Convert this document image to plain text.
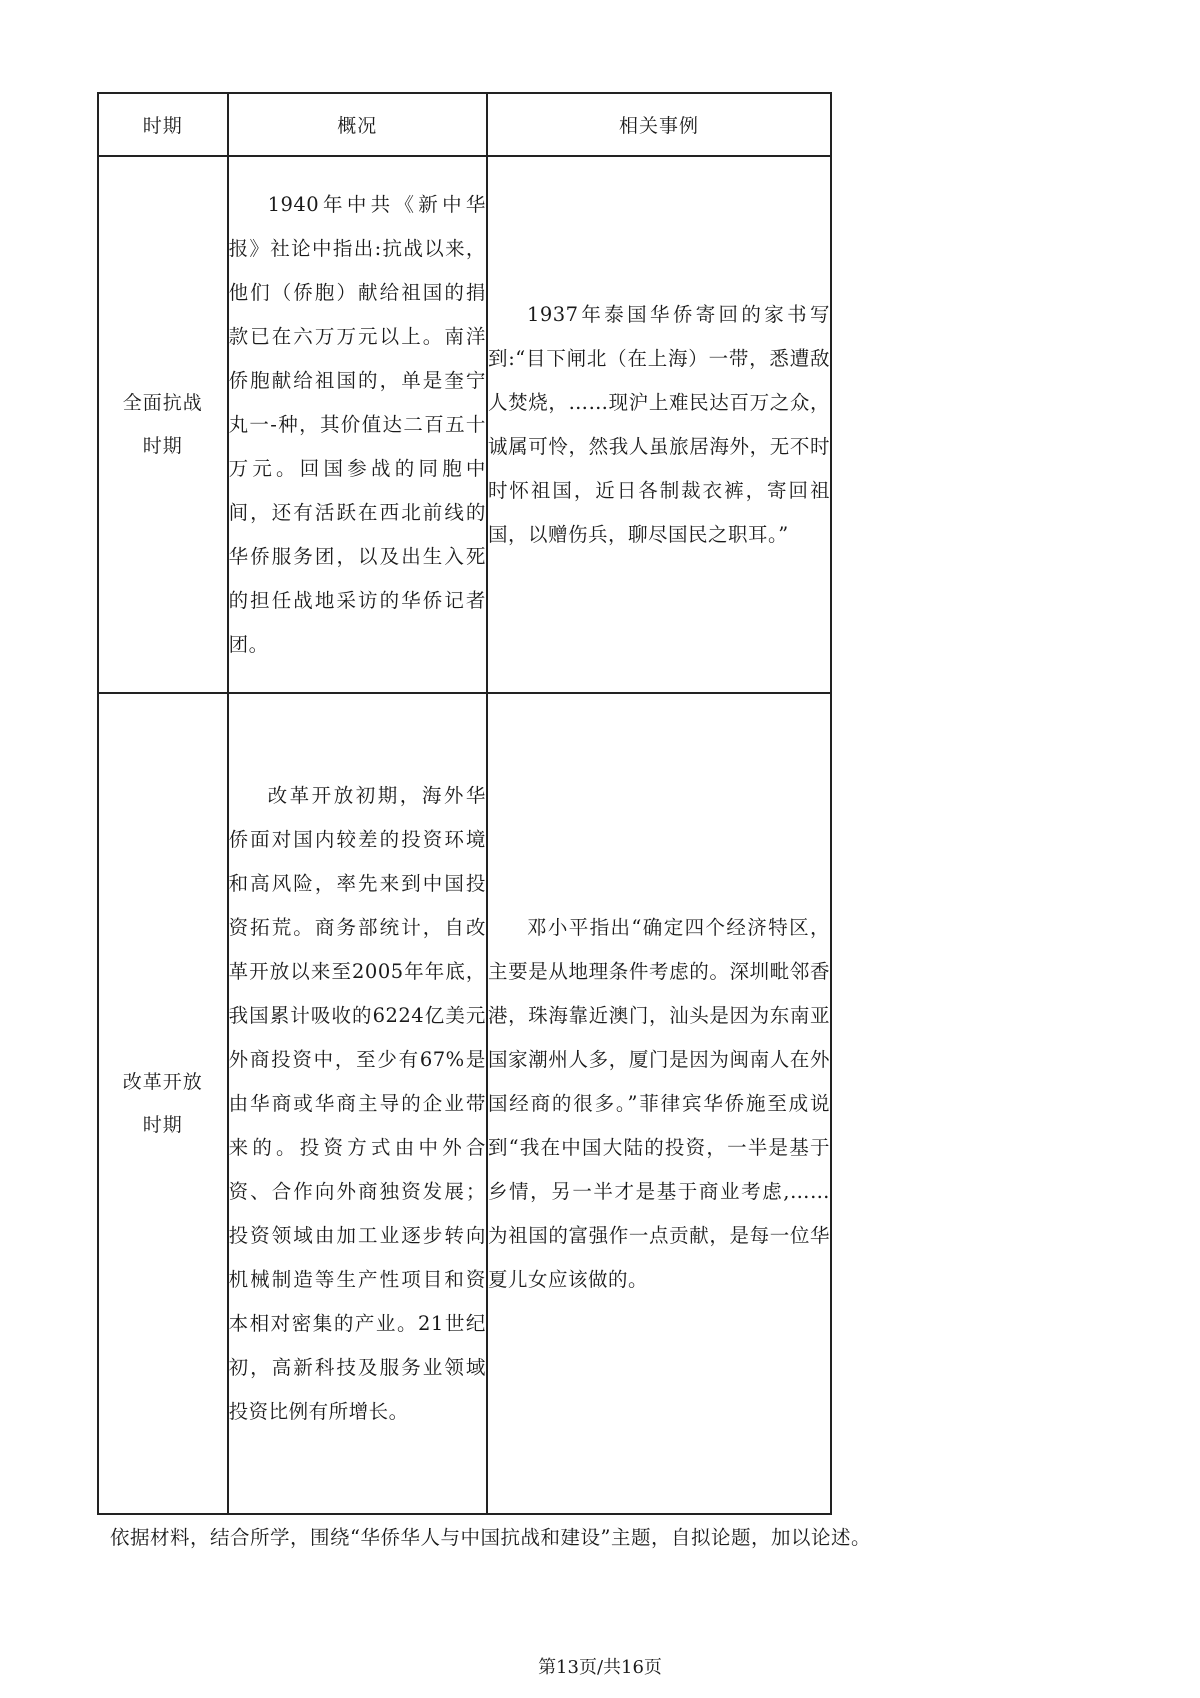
时期	概况	相关事例

全面抗战
时期	1940年中共《新中华报》社论中指出:抗战以来，他们（侨胞）献给祖国的捐款已在六万万元以上。南洋侨胞献给祖国的，单是奎宁丸一-种，其价值达二百五十万元。回国参战的同胞中间，还有活跃在西北前线的华侨服务团，以及出生入死的担任战地采访的华侨记者团。	1937年泰国华侨寄回的家书写到:“目下闸北（在上海）一带，悉遭敌人焚烧，……现沪上难民达百万之众，诚属可怜，然我人虽旅居海外，无不时时怀祖国，近日各制裁衣裤，寄回祖国，以赠伤兵，聊尽国民之职耳。”

改革开放
时期	改革开放初期，海外华侨面对国内较差的投资环境和高风险，率先来到中国投资拓荒。商务部统计，自改革开放以来至2005年年底，我国累计吸收的6224亿美元外商投资中，至少有67%是由华商或华商主导的企业带来的。投资方式由中外合资、合作向外商独资发展；投资领域由加工业逐步转向机械制造等生产性项目和资本相对密集的产业。21世纪初，高新科技及服务业领域投资比例有所增长。	邓小平指出“确定四个经济特区，主要是从地理条件考虑的。深圳毗邻香港，珠海靠近澳门，汕头是因为东南亚国家潮州人多，厦门是因为闽南人在外国经商的很多。”菲律宾华侨施至成说到“我在中国大陆的投资，一半是基于乡情，另一半才是基于商业考虑,……为祖国的富强作一点贡献，是每一位华夏儿女应该做的。
依据材料，结合所学，围绕“华侨华人与中国抗战和建设”主题，自拟论题，加以论述。
第13页/共16页
